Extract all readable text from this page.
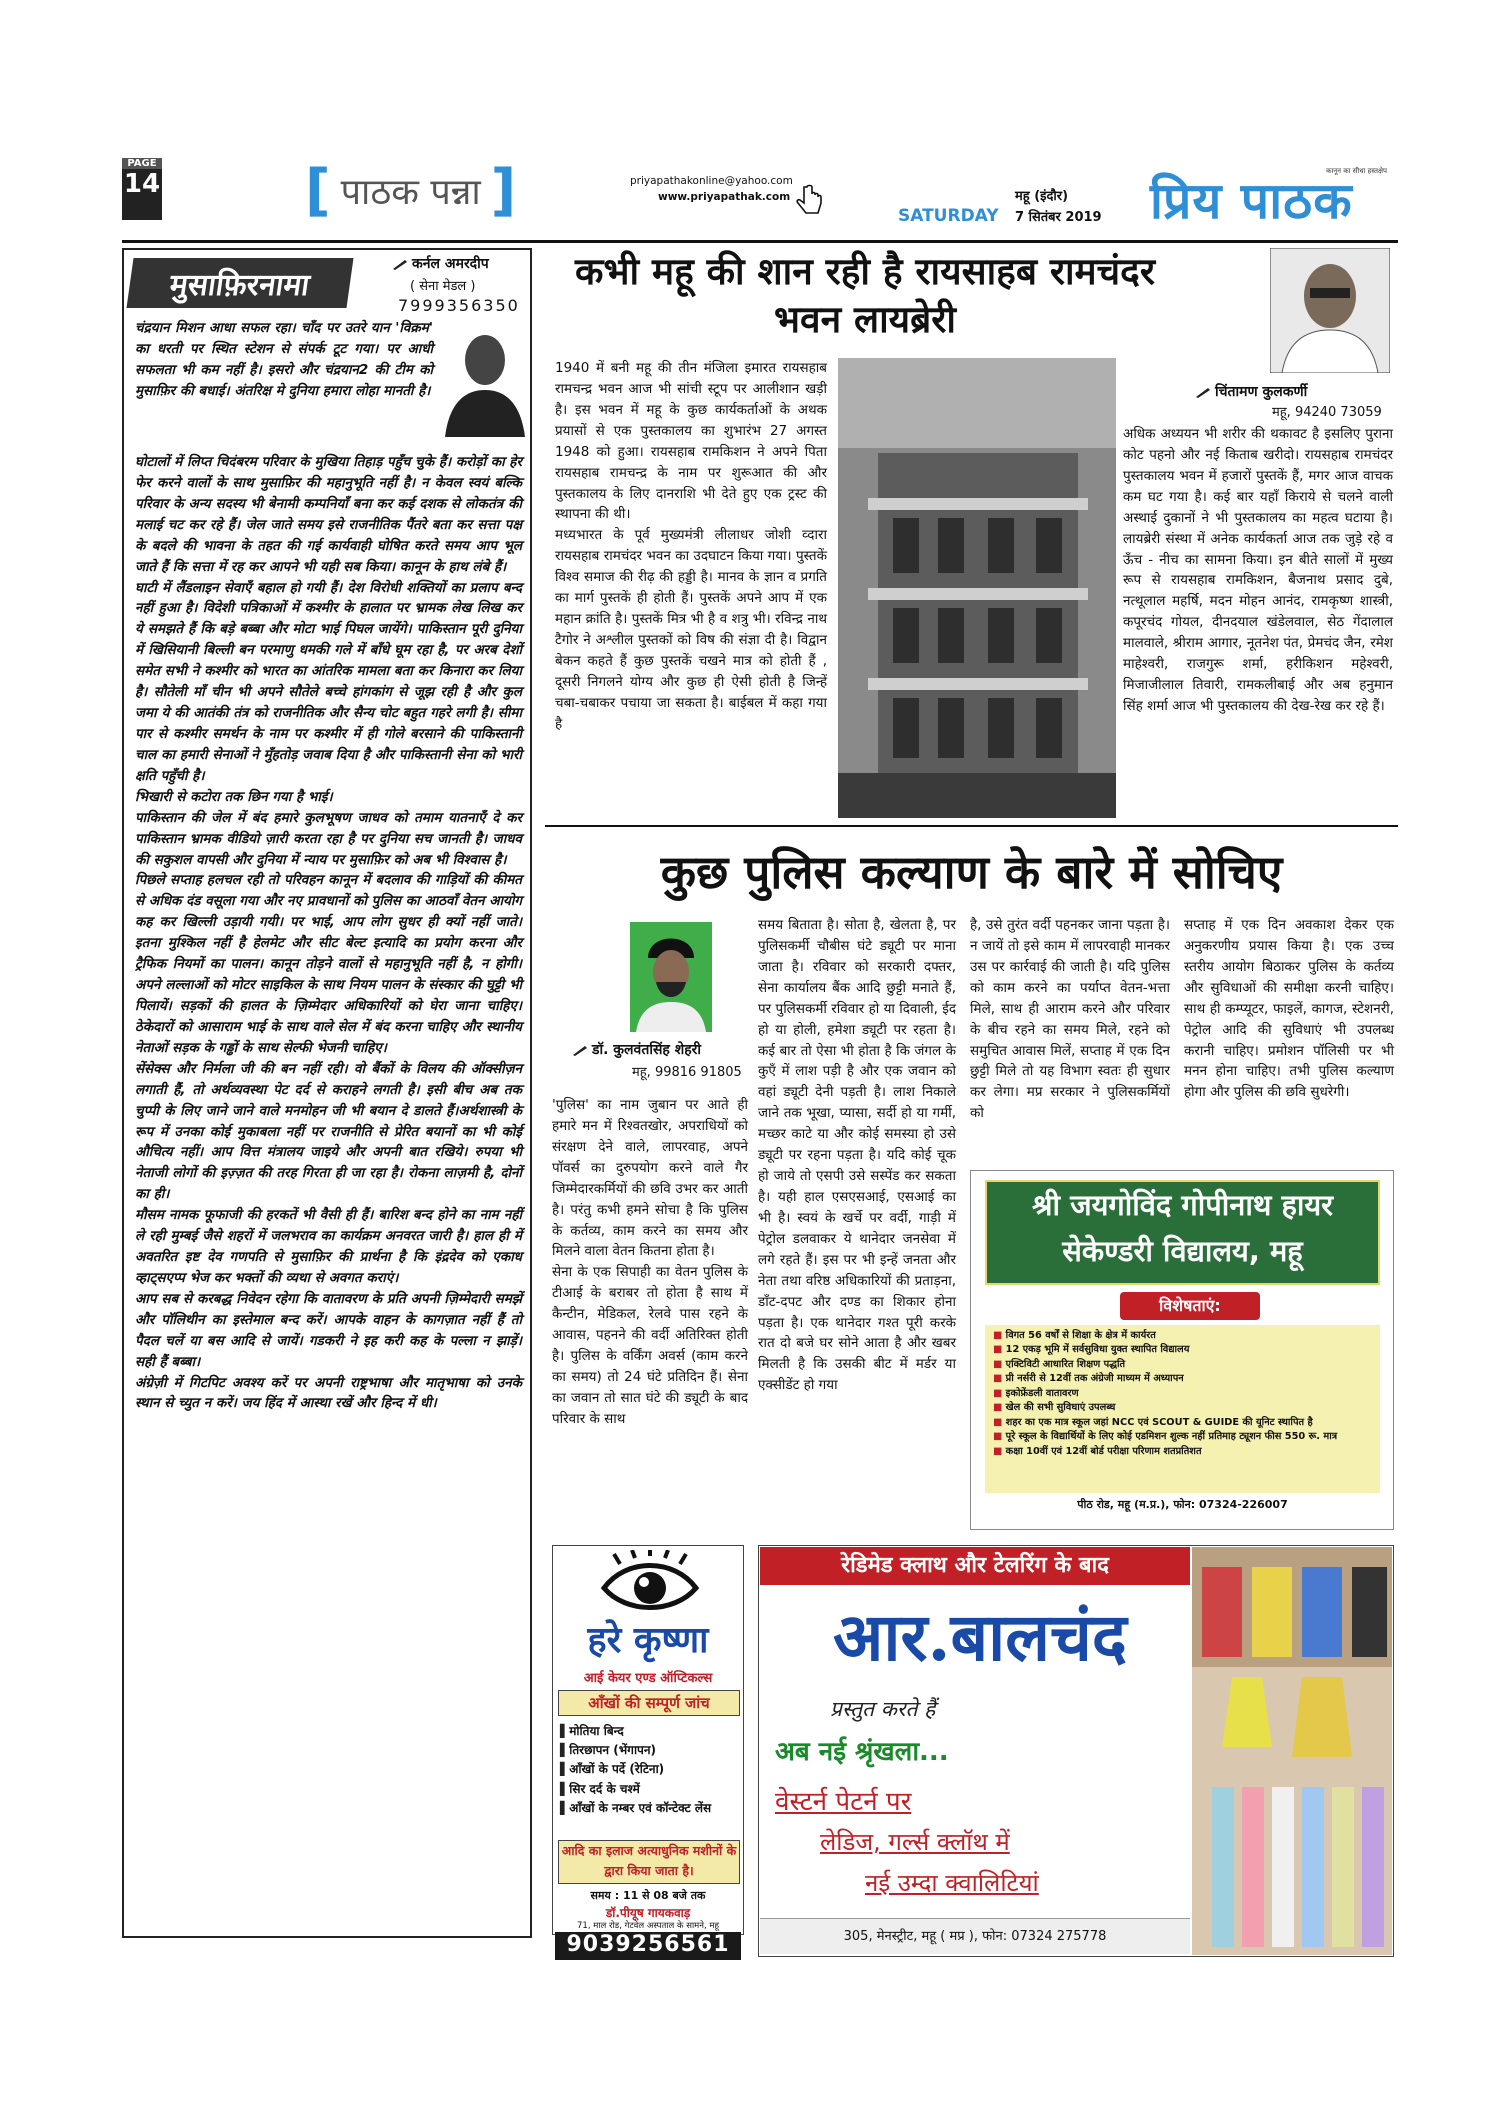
PAGE
14	[ पाठक पन्ना ]	priyapathakonline@yahoo.com
www.priyapathak.com	महू (इंदौर)
SATURDAY 7 सितंबर 2019 प्रिय पाठक
कानून का सीधा हस्तक्षेप
मुसाफ़िरनामा
कर्नल अमरदीप
( सेना मेडल )
7999356350
चंद्रयान मिशन आधा सफल रहा। चाँद पर उतरे यान 'विक्रम' का धरती पर स्थित स्टेशन से संपर्क टूट गया। पर आधी सफलता भी कम नहीं है। इसरो और चंद्रयान2 की टीम को मुसाफ़िर की बधाई। अंतरिक्ष मे दुनिया हमारा लोहा मानती है।

घोटालों में लिप्त चिदंबरम परिवार के मुखिया तिहाड़ पहुँच चुके हैं। करोड़ों का हेर फेर करने वालों के साथ मुसाफ़िर की महानुभूति नहीं है। न केवल स्वयं बल्कि परिवार के अन्य सदस्य भी बेनामी कम्पनियाँ बना कर कई दशक से लोकतंत्र की मलाई चट कर रहे हैं। जेल जाते समय इसे राजनीतिक पैंतरे बता कर सत्ता पक्ष के बदले की भावना के तहत की गई कार्यवाही घोषित करते समय आप भूल जाते हैं कि सत्ता में रह कर आपने भी यही सब किया। कानून के हाथ लंबे हैं।

घाटी में लैंडलाइन सेवाएँ बहाल हो गयी हैं। देश विरोधी शक्तियों का प्रलाप बन्द नहीं हुआ है। विदेशी पत्रिकाओं में कश्मीर के हालात पर भ्रामक लेख लिख कर ये समझते हैं कि बड़े बब्बा और मोटा भाई पिघल जायेंगे। पाकिस्तान पूरी दुनिया में खिसियानी बिल्ली बन परमाणु धमकी गले में बाँधे घूम रहा है, पर अरब देशों समेत सभी ने कश्मीर को भारत का आंतरिक मामला बता कर किनारा कर लिया है। सौतेली माँ चीन भी अपने सौतेले बच्चे हांगकांग से जूझ रही है और कुल जमा ये की आतंकी तंत्र को राजनीतिक और सैन्य चोट बहुत गहरे लगी है। सीमा पार से कश्मीर समर्थन के नाम पर कश्मीर में ही गोले बरसाने की पाकिस्तानी चाल का हमारी सेनाओं ने मुँहतोड़ जवाब दिया है और पाकिस्तानी सेना को भारी क्षति पहुँची है।

भिखारी से कटोरा तक छिन गया है भाई।

पाकिस्तान की जेल में बंद हमारे कुलभूषण जाधव को तमाम यातनाएँ दे कर पाकिस्तान भ्रामक वीडियो ज़ारी करता रहा है पर दुनिया सच जानती है। जाधव की सकुशल वापसी और दुनिया में न्याय पर मुसाफ़िर को अब भी विश्वास है।

पिछले सप्ताह हलचल रही तो परिवहन कानून में बदलाव की गाड़ियों की कीमत से अधिक दंड वसूला गया और नए प्रावधानों को पुलिस का आठवाँ वेतन आयोग कह कर खिल्ली उड़ायी गयी। पर भाई, आप लोग सुधर ही क्यों नहीं जाते। इतना मुश्किल नहीं है हेलमेट और सीट बेल्ट इत्यादि का प्रयोग करना और ट्रैफिक नियमों का पालन। कानून तोड़ने वालों से महानुभूति नहीं है, न होगी। अपने लल्लाओं को मोटर साइकिल के साथ नियम पालन के संस्कार की घुट्टी भी पिलायें। सड़कों की हालत के ज़िम्मेदार अधिकारियों को घेरा जाना चाहिए। ठेकेदारों को आसाराम भाई के साथ वाले सेल में बंद करना चाहिए और स्थानीय नेताओं सड़क के गड्ढों के साथ सेल्फी भेजनी चाहिए।

सेंसेक्स और निर्मला जी की बन नहीं रही। वो बैंकों के विलय की ऑक्सीज़न लगाती हैं, तो अर्थव्यवस्था पेट दर्द से कराहने लगती है। इसी बीच अब तक चुप्पी के लिए जाने जाने वाले मनमोहन जी भी बयान दे डालते हैं।अर्थशास्त्री के रूप में उनका कोई मुकाबला नहीं पर राजनीति से प्रेरित बयानों का भी कोई औचित्य नहीं। आप वित्त मंत्रालय जाइये और अपनी बात रखिये। रुपया भी नेताजी लोगों की इज़्ज़त की तरह गिरता ही जा रहा है। रोकना लाज़मी है, दोनों का ही।

मौसम नामक फूफाजी की हरकतें भी वैसी ही हैं। बारिश बन्द होने का नाम नहीं ले रही मुम्बई जैसे शहरों में जलभराव का कार्यक्रम अनवरत जारी है। हाल ही में अवतरित इष्ट देव गणपति से मुसाफ़िर की प्रार्थना है कि इंद्रदेव को एकाध व्हाट्सएप्प भेज कर भक्तों की व्यथा से अवगत कराएं।

आप सब से करबद्ध निवेदन रहेगा कि वातावरण के प्रति अपनी ज़िम्मेदारी समझें और पॉलिथीन का इस्तेमाल बन्द करें। आपके वाहन के कागज़ात नहीं हैं तो पैदल चलें या बस आदि से जायें। गडकरी ने इह करी कह के पल्ला न झाड़ें। सही हैं बब्बा।

अंग्रेज़ी में गिटपिट अवश्य करें पर अपनी राष्ट्रभाषा और मातृभाषा को उनके स्थान से च्युत न करें। जय हिंद में आस्था रखें और हिन्द में धी।

कभी महू की शान रही है रायसाहब रामचंदर भवन लायब्रेरी
चिंतामण कुलकर्णी
महू, 94240 73059

1940 में बनी महू की तीन मंजिला इमारत रायसहाब रामचन्द्र भवन आज भी सांची स्टूप पर आलीशान खड़ी है। इस भवन में महू के कुछ कार्यकर्ताओं के अथक प्रयासों से एक पुस्तकालय का शुभारंभ 27 अगस्त 1948 को हुआ। रायसहाब रामकिशन ने अपने पिता रायसहाब रामचन्द्र के नाम पर शुरूआत की और पुस्तकालय के लिए दानराशि भी देते हुए एक ट्रस्ट की स्थापना की थी।

मध्यभारत के पूर्व मुख्यमंत्री लीलाधर जोशी व्दारा रायसहाब रामचंदर भवन का उदघाटन किया गया। पुस्तकें विश्व समाज की रीढ़ की हड्डी है। मानव के ज्ञान व प्रगति का मार्ग पुस्तकें ही होती हैं। पुस्तकें अपने आप में एक महान क्रांति है। पुस्तकें मित्र भी है व शत्रु भी। रविन्द्र नाथ टैगोर ने अश्लील पुस्तकों को विष की संज्ञा दी है। विद्वान बेकन कहते हैं कुछ पुस्तकें चखने मात्र को होती हैं , दूसरी निगलने योग्य और कुछ ही ऐसी होती है जिन्हें चबा-चबाकर पचाया जा सकता है। बाईबल में कहा गया है

अधिक अध्ययन भी शरीर की थकावट है इसलिए पुराना कोट पहनो और नई किताब खरीदो। रायसहाब रामचंदर पुस्तकालय भवन में हजारों पुस्तकें हैं, मगर आज वाचक कम घट गया है। कई बार यहाँ किराये से चलने वाली अस्थाई दुकानों ने भी पुस्तकालय का महत्व घटाया है। लायब्रेरी संस्था में अनेक कार्यकर्ता आज तक जुड़े रहे व ऊँच - नीच का सामना किया। इन बीते सालों में मुख्य रूप से रायसहाब रामकिशन, बैजनाथ प्रसाद दुबे, नत्थूलाल महर्षि, मदन मोहन आनंद, रामकृष्ण शास्त्री, कपूरचंद गोयल, दीनदयाल खंडेलवाल, सेठ गेंदालाल मालवाले, श्रीराम आगार, नूतनेश पंत, प्रेमचंद जैन, रमेश माहेश्वरी, राजगुरू शर्मा, हरीकिशन महेश्वरी, मिजाजीलाल तिवारी, रामकलीबाई और अब हनुमान सिंह शर्मा आज भी पुस्तकालय की देख-रेख कर रहे हैं।
कुछ पुलिस कल्याण के बारे में सोचिए
डॉ. कुलवंतसिंह शेहरी
महू, 99816 91805

'पुलिस' का नाम जुबान पर आते ही हमारे मन में रिश्वतखोर, अपराधियों को संरक्षण देने वाले, लापरवाह, अपने पॉवर्स का दुरुपयोग करने वाले गैर जिम्मेदारकर्मियों की छवि उभर कर आती है। परंतु कभी हमने सोचा है कि पुलिस के कर्तव्य, काम करने का समय और मिलने वाला वेतन कितना होता है।

सेना के एक सिपाही का वेतन पुलिस के टीआई के बराबर तो होता है साथ में कैन्टीन, मेडिकल, रेलवे पास रहने के आवास, पहनने की वर्दी अतिरिक्त होती है। पुलिस के वर्किंग अवर्स (काम करने का समय) तो 24 घंटे प्रतिदिन हैं। सेना का जवान तो सात घंटे की ड्यूटी के बाद परिवार के साथ

समय बिताता है। सोता है, खेलता है, पर पुलिसकर्मी चौबीस घंटे ड्यूटी पर माना जाता है। रविवार को सरकारी दफ्तर, सेना कार्यालय बैंक आदि छुट्टी मनाते हैं, पर पुलिसकर्मी रविवार हो या दिवाली, ईद हो या होली, हमेशा ड्यूटी पर रहता है। कई बार तो ऐसा भी होता है कि जंगल के कुएँ में लाश पड़ी है और एक जवान को वहां ड्यूटी देनी पड़ती है। लाश निकाले जाने तक भूखा, प्यासा, सर्दी हो या गर्मी, मच्छर काटे या और कोई समस्या हो उसे ड्यूटी पर रहना पड़ता है। यदि कोई चूक हो जाये तो एसपी उसे सस्पेंड कर सकता है। यही हाल एसएसआई, एसआई का भी है। स्वयं के खर्चे पर वर्दी, गाड़ी में पेट्रोल डलवाकर ये थानेदार जनसेवा में लगे रहते हैं। इस पर भी इन्हें जनता और नेता तथा वरिष्ठ अधिकारियों की प्रताड़ना, डाँट-दपट और दण्ड का शिकार होना पड़ता है। एक थानेदार गश्त पूरी करके रात दो बजे घर सोने आता है और खबर मिलती है कि उसकी बीट में मर्डर या एक्सीडेंट हो गया
है, उसे तुरंत वर्दी पहनकर जाना पड़ता है। न जायें तो इसे काम में लापरवाही मानकर उस पर कार्रवाई की जाती है। यदि पुलिस को काम करने का पर्याप्त वेतन-भत्ता मिले, साथ ही आराम करने और परिवार के बीच रहने का समय मिले, रहने को समुचित आवास मिलें, सप्ताह में एक दिन छुट्टी मिले तो यह विभाग स्वतः ही सुधार कर लेगा। मप्र सरकार ने पुलिसकर्मियों को
सप्ताह में एक दिन अवकाश देकर एक अनुकरणीय प्रयास किया है। एक उच्च स्तरीय आयोग बिठाकर पुलिस के कर्तव्य और सुविधाओं की समीक्षा करनी चाहिए। साथ ही कम्प्यूटर, फाइलें, कागज, स्टेशनरी, पेट्रोल आदि की सुविधाएं भी उपलब्ध करानी चाहिए। प्रमोशन पॉलिसी पर भी मनन होना चाहिए। तभी पुलिस कल्याण होगा और पुलिस की छवि सुधरेगी।
श्री जयगोविंद गोपीनाथ हायर सेकेण्डरी विद्यालय, महू
विशेषताएं:
■ विगत 56 वर्षों से शिक्षा के क्षेत्र में कार्यरत
■ 12 एकड़ भूमि में सर्वसुविधा युक्त स्थापित विद्यालय
■ एक्टिविटी आधारित शिक्षण पद्धति
■ प्री नर्सरी से 12वीं तक अंग्रेजी माध्यम में अध्यापन
■ इकोफ्रेंडली वातावरण
■ खेल की सभी सुविधाएं उपलब्ध
■ शहर का एक मात्र स्कूल जहां NCC एवं SCOUT & GUIDE की यूनिट स्थापित है
■ पूरे स्कूल के विद्यार्थियों के लिए कोई एडमिशन शुल्क नहीं प्रतिमाह ट्यूशन फीस 550 रू. मात्र
■ कक्षा 10वीं एवं 12वीं बोर्ड परीक्षा परिणाम शतप्रतिशत
पीठ रोड, महू (म.प्र.), फोन: 07324-226007
हरे कृष्णा
आई केयर एण्ड ऑप्टिकल्स
आँखों की सम्पूर्ण जांच
▌ मोतिया बिन्द
▌ तिरछापन (भेंगापन)
▌ आँखों के पर्दे (रेटिना)
▌ सिर दर्द के चश्में
▌ आँखों के नम्बर एवं कॉन्टेक्ट लेंस
आदि का इलाज अत्याधुनिक मशीनों के द्वारा किया जाता है।
समय : 11 से 08 बजे तक
डॉ.पीयूष गायकवाड़
71, माल रोड, गेटवेल अस्पताल के सामने, महू
9039256561
रेडिमेड क्लाथ और टेलरिंग के बाद
आर.बालचंद
प्रस्तुत करते हैं
अब नई श्रृंखला...
वेस्टर्न पेटर्न पर
लेडिज, गर्ल्स क्लॉथ में
नई उम्दा क्वालिटियां
305, मेनस्ट्रीट, महू ( मप्र ), फोन: 07324 275778
